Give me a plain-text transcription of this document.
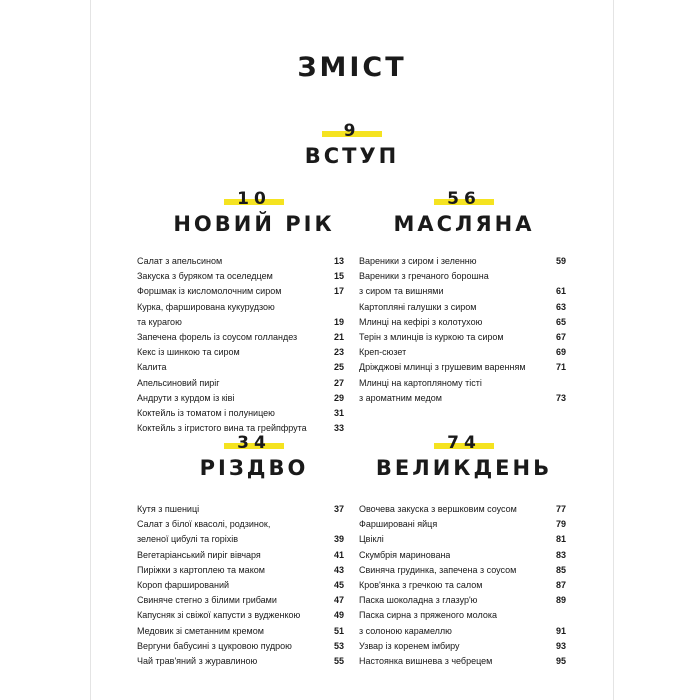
ЗМІСТ
9
ВСТУП
10
НОВИЙ РІК
Салат з апельсином	13
Закуска з буряком та оселедцем	15
Форшмак із кисломолочним сиром	17
Курка, фарширована кукурудзою
та курагою	19
Запечена форель із соусом голландез	21
Кекс із шинкою та сиром	23
Калита	25
Апельсиновий пиріг	27
Андрути з курдом із ківі	29
Коктейль із томатом і полуницею	31
Коктейль з ігристого вина та грейпфрута	33
56
МАСЛЯНА
Вареники з сиром і зеленню	59
Вареники з гречаного борошна
з сиром та вишнями	61
Картопляні галушки з сиром	63
Млинці на кефірі з колотухою	65
Терін з млинців із куркою та сиром	67
Креп-сюзет	69
Дріжджові млинці з грушевим варенням	71
Млинці на картопляному тісті
з ароматним медом	73
34
РІЗДВО
Кутя з пшениці	37
Салат з білої квасолі, родзинок,
зеленої цибулі та горіхів	39
Вегетаріанський пиріг вівчаря	41
Пиріжки з картоплею та маком	43
Короп фарширований	45
Свиняче стегно з білими грибами	47
Капусняк зі свіжої капусти з вудженкою	49
Медовик зі сметанним кремом	51
Вергуни бабусині з цукровою пудрою	53
Чай трав'яний з журавлиною	55
74
ВЕЛИКДЕНЬ
Овочева закуска з вершковим соусом	77
Фаршировані яйця	79
Цвіклі	81
Скумбрія маринована	83
Свиняча грудинка, запечена з соусом	85
Кров'янка з гречкою та салом	87
Паска шоколадна з глазур'ю	89
Паска сирна з пряженого молока
з солоною карамеллю	91
Узвар із коренем імбиру	93
Настоянка вишнева з чебрецем	95
